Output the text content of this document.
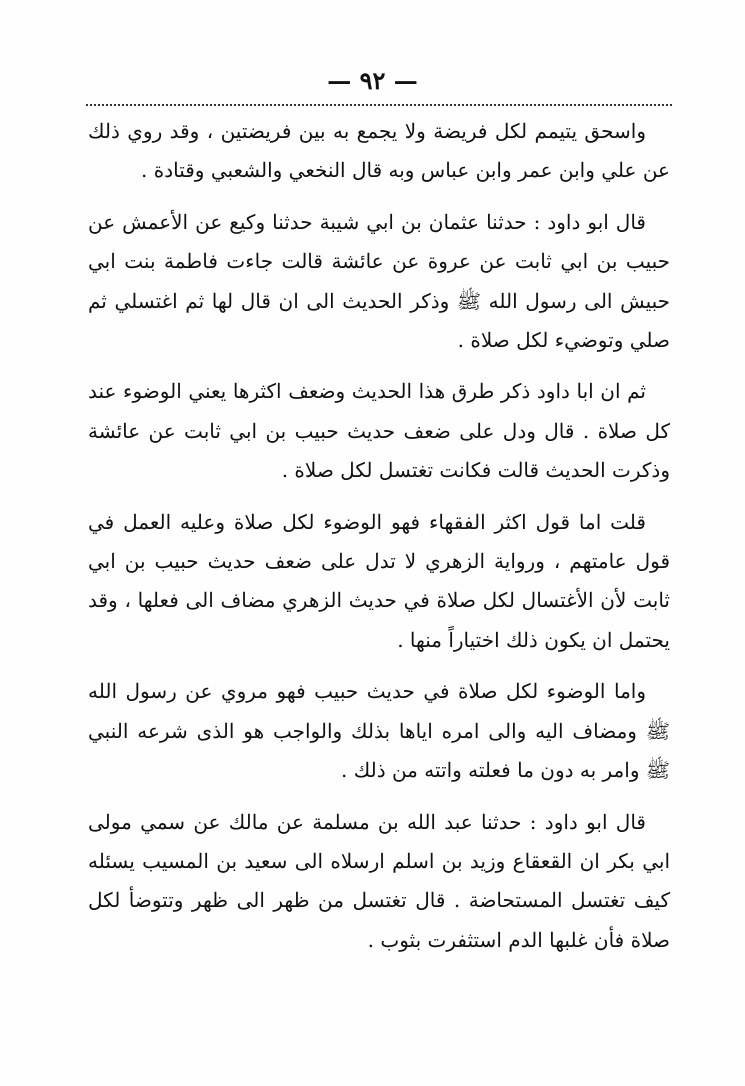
— ٩٢ —

واسحق يتيمم لكل فريضة ولا يجمع به بين فريضتين ، وقد روي ذلك عن علي وابن عمر وابن عباس وبه قال النخعي والشعبي وقتادة .

قال ابو داود : حدثنا عثمان بن ابي شيبة حدثنا وكيع عن الأعمش عن حبيب بن ابي ثابت عن عروة عن عائشة قالت جاءت فاطمة بنت ابي حبيش الى رسول الله ﷺ وذكر الحديث الى ان قال لها ثم اغتسلي ثم صلي وتوضيء لكل صلاة .

ثم ان ابا داود ذكر طرق هذا الحديث وضعف اكثرها يعني الوضوء عند كل صلاة . قال ودل على ضعف حديث حبيب بن ابي ثابت عن عائشة وذكرت الحديث قالت فكانت تغتسل لكل صلاة .

قلت اما قول اكثر الفقهاء فهو الوضوء لكل صلاة وعليه العمل في قول عامتهم ، ورواية الزهري لا تدل على ضعف حديث حبيب بن ابي ثابت لأن الأغتسال لكل صلاة في حديث الزهري مضاف الى فعلها ، وقد يحتمل ان يكون ذلك اختياراً منها .

واما الوضوء لكل صلاة في حديث حبيب فهو مروي عن رسول الله ﷺ ومضاف اليه والى امره اياها بذلك والواجب هو الذى شرعه النبي ﷺ وامر به دون ما فعلته واتته من ذلك .

قال ابو داود : حدثنا عبد الله بن مسلمة عن مالك عن سمي مولى ابي بكر ان القعقاع وزيد بن اسلم ارسلاه الى سعيد بن المسيب يسئله كيف تغتسل المستحاضة . قال تغتسل من ظهر الى ظهر وتتوضأ لكل صلاة فأن غلبها الدم استثفرت بثوب .
